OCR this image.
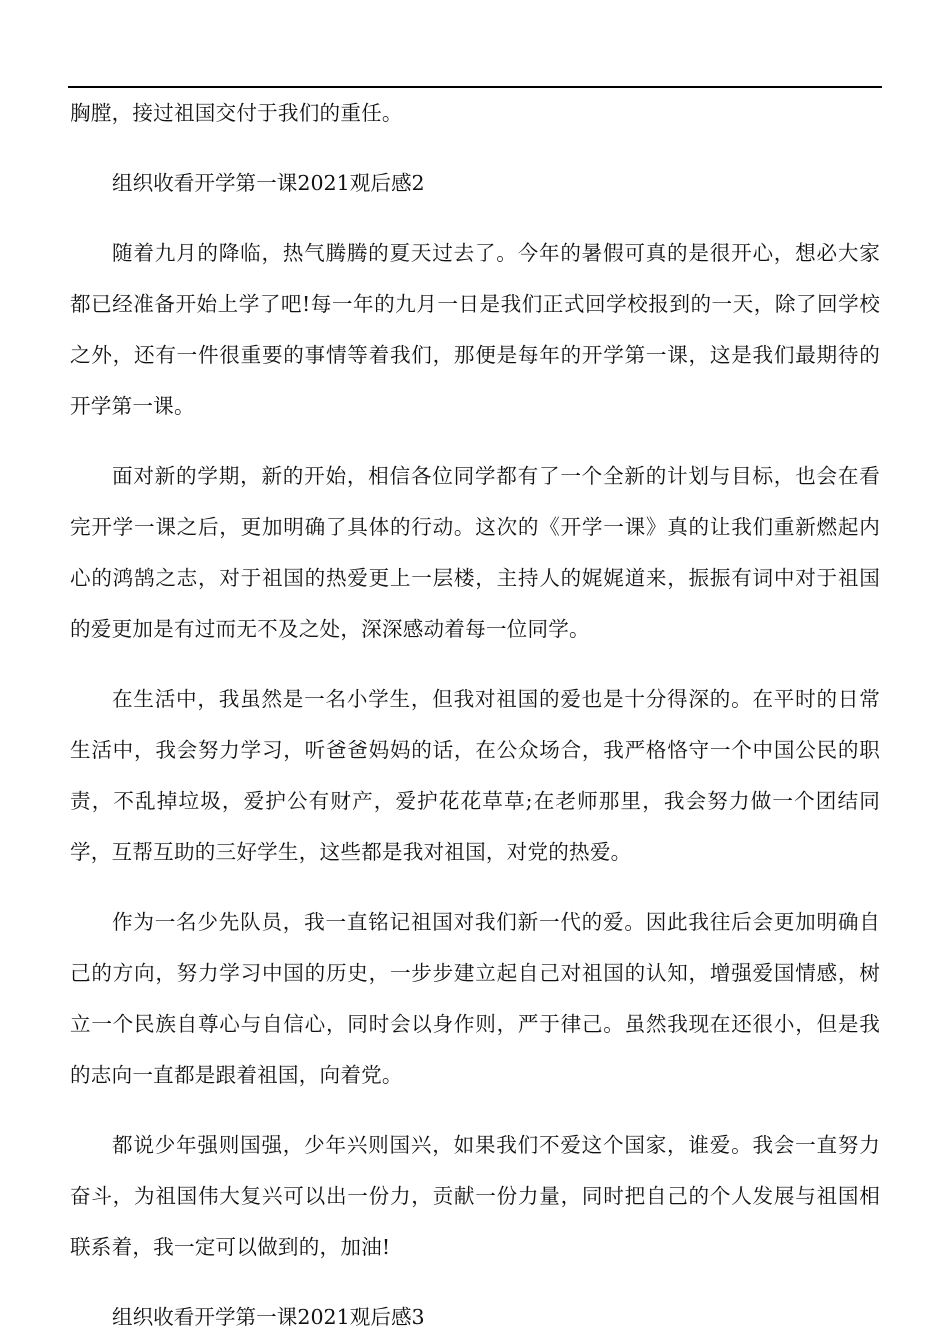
胸膛，接过祖国交付于我们的重任。

组织收看开学第一课2021观后感2

随着九月的降临，热气腾腾的夏天过去了。今年的暑假可真的是很开心，想必大家都已经准备开始上学了吧!每一年的九月一日是我们正式回学校报到的一天，除了回学校之外，还有一件很重要的事情等着我们，那便是每年的开学第一课，这是我们最期待的开学第一课。

面对新的学期，新的开始，相信各位同学都有了一个全新的计划与目标，也会在看完开学一课之后，更加明确了具体的行动。这次的《开学一课》真的让我们重新燃起内心的鸿鹄之志，对于祖国的热爱更上一层楼，主持人的娓娓道来，振振有词中对于祖国的爱更加是有过而无不及之处，深深感动着每一位同学。

在生活中，我虽然是一名小学生，但我对祖国的爱也是十分得深的。在平时的日常生活中，我会努力学习，听爸爸妈妈的话，在公众场合，我严格恪守一个中国公民的职责，不乱掉垃圾，爱护公有财产，爱护花花草草;在老师那里，我会努力做一个团结同学，互帮互助的三好学生，这些都是我对祖国，对党的热爱。

作为一名少先队员，我一直铭记祖国对我们新一代的爱。因此我往后会更加明确自己的方向，努力学习中国的历史，一步步建立起自己对祖国的认知，增强爱国情感，树立一个民族自尊心与自信心，同时会以身作则，严于律己。虽然我现在还很小，但是我的志向一直都是跟着祖国，向着党。

都说少年强则国强，少年兴则国兴，如果我们不爱这个国家，谁爱。我会一直努力奋斗，为祖国伟大复兴可以出一份力，贡献一份力量，同时把自己的个人发展与祖国相联系着，我一定可以做到的，加油!

组织收看开学第一课2021观后感3
